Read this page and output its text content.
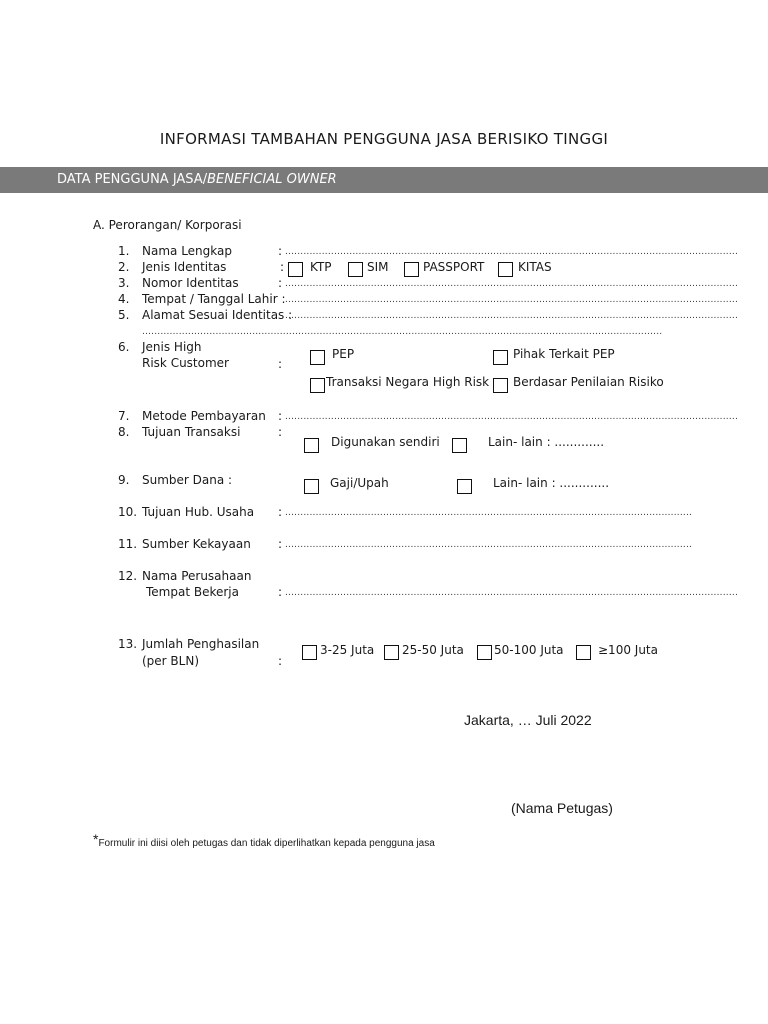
INFORMASI TAMBAHAN PENGGUNA JASA BERISIKO TINGGI
DATA PENGGUNA JASA/BENEFICIAL OWNER
A. Perorangan/ Korporasi
1. Nama Lengkap	: ....................................................................................................................................................
2. Jenis Identitas	: KTP	SIM	PASSPORT	KITAS
3. Nomor Identitas	: ....................................................................................................................................................
4. Tempat / Tanggal Lahir : ....................................................................................................................................................
5. Alamat Sesuai Identitas :
....................................................................................................................................................
..........................................................................................................................................................................
6. Jenis High
Risk Customer	:
PEP	Pihak Terkait PEP
Transaksi Negara High Risk Berdasar Penilaian Risiko
7. Metode Pembayaran : ....................................................................................................................................................
8. Tujuan Transaksi	:
Digunakan sendiri	Lain- lain : .............
9. Sumber Dana :	Gaji/Upah	Lain- lain : .............
10. Tujuan Hub. Usaha : .....................................................................................................................................
11. Sumber Kekayaan : .....................................................................................................................................
12. Nama Perusahaan
Tempat Bekerja	: ....................................................................................................................................................
13. Jumlah Penghasilan
(per BLN)	:
3-25 Juta 25-50 Juta	50-100 Juta	≥100 Juta
Jakarta, … Juli 2022
(Nama Petugas)
*Formulir ini diisi oleh petugas dan tidak diperlihatkan kepada pengguna jasa
